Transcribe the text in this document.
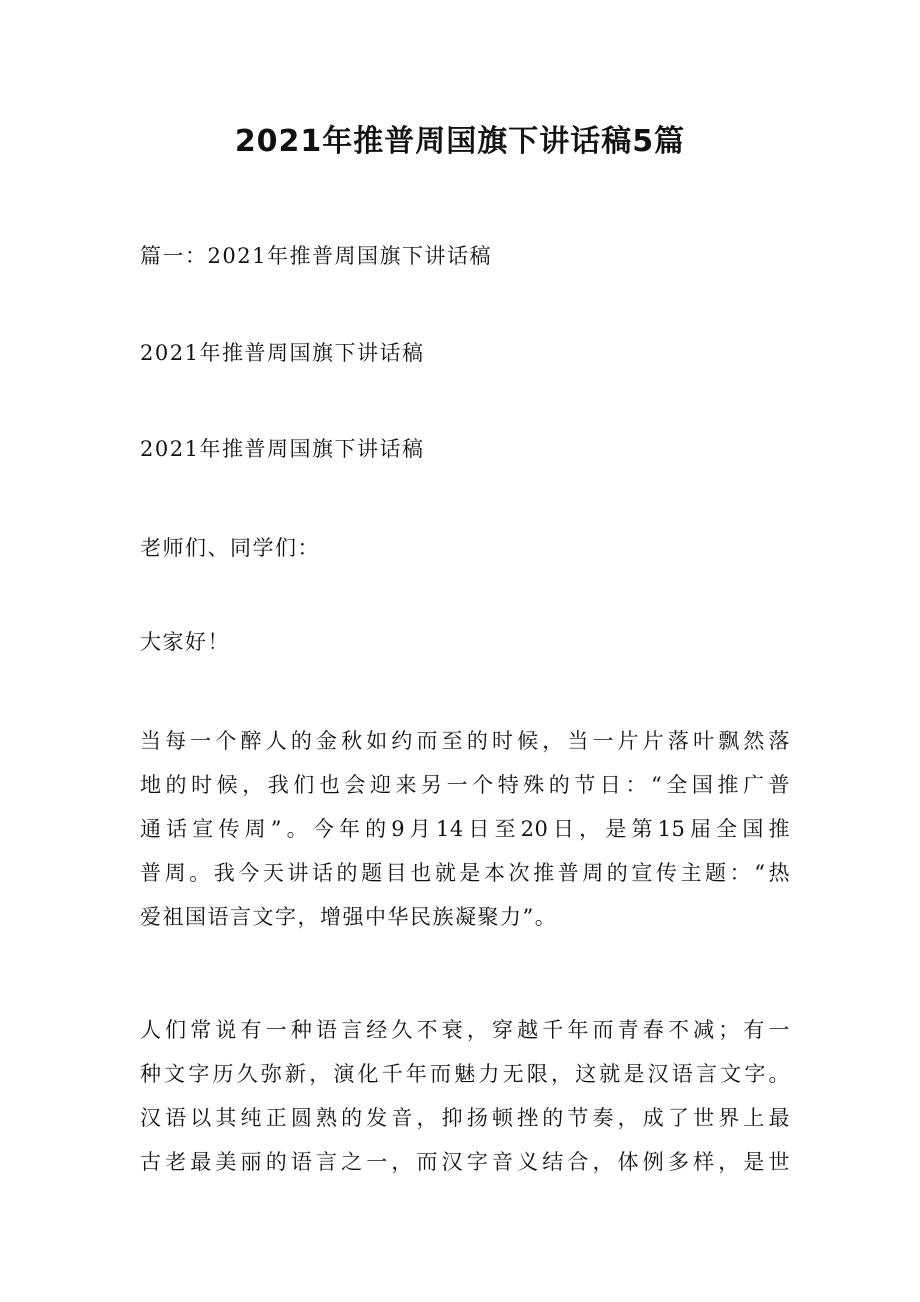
2021年推普周国旗下讲话稿5篇
篇一：2021年推普周国旗下讲话稿
2021年推普周国旗下讲话稿
2021年推普周国旗下讲话稿
老师们、同学们：
大家好！
当每一个醉人的金秋如约而至的时候，当一片片落叶飘然落
地的时候，我们也会迎来另一个特殊的节日：“全国推广普
通话宣传周”。今年的9月14日至20日，是第15届全国推
普周。我今天讲话的题目也就是本次推普周的宣传主题：“热
爱祖国语言文字，增强中华民族凝聚力”。
人们常说有一种语言经久不衰，穿越千年而青春不减；有一
种文字历久弥新，演化千年而魅力无限，这就是汉语言文字。
汉语以其纯正圆熟的发音，抑扬顿挫的节奏，成了世界上最
古老最美丽的语言之一，而汉字音义结合，体例多样，是世
